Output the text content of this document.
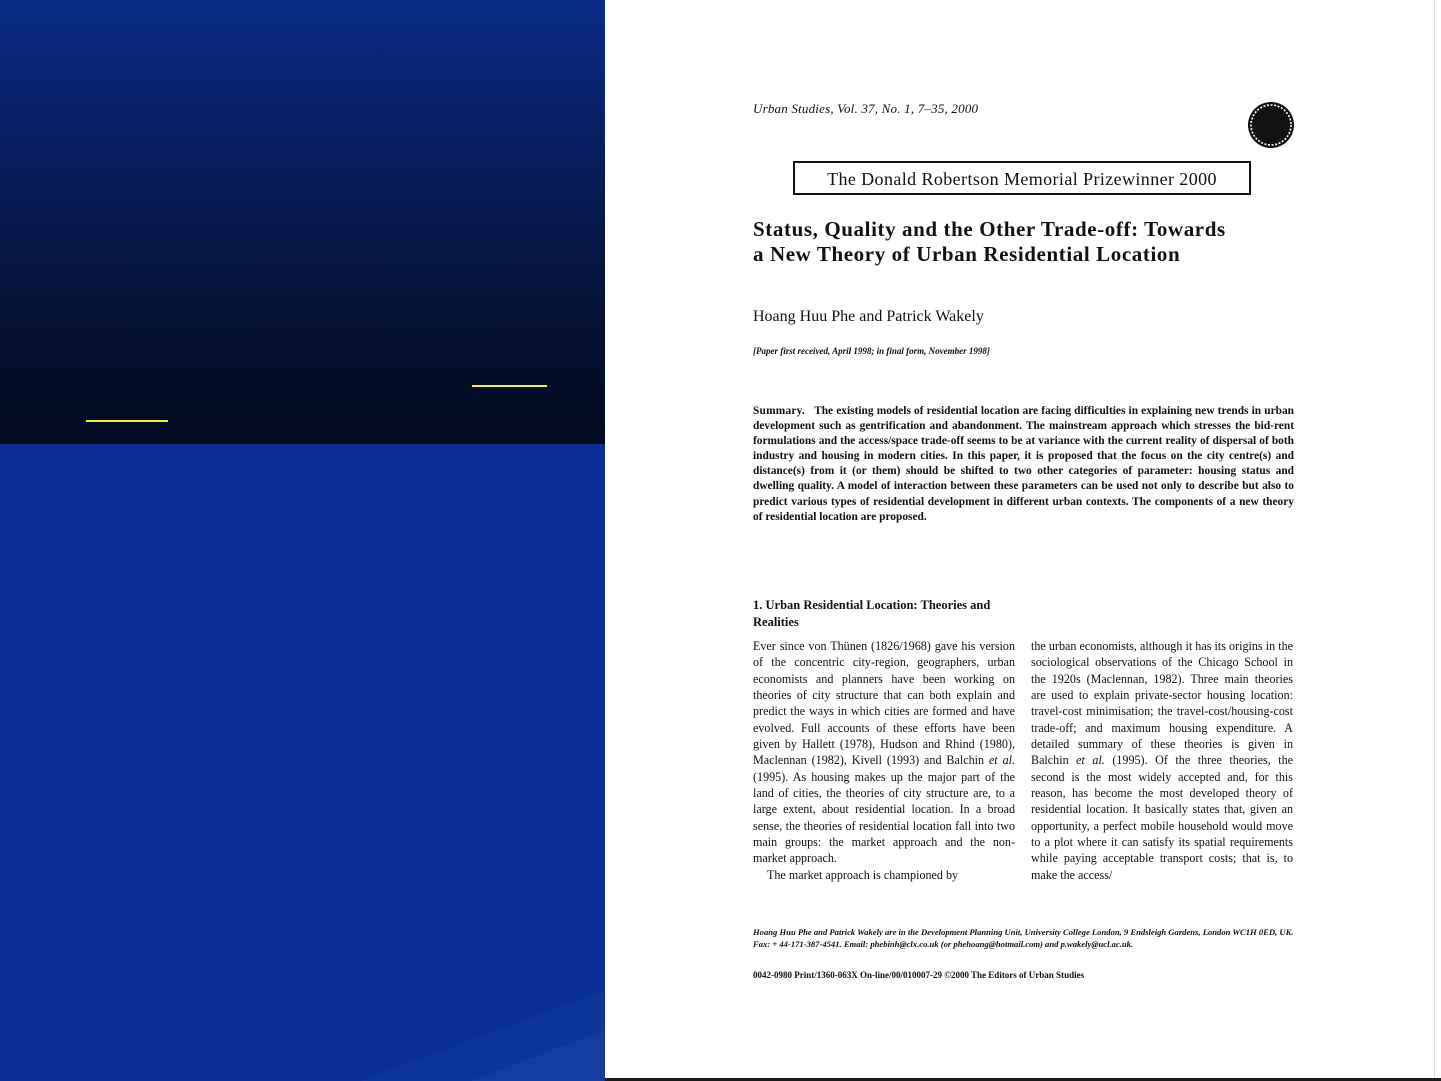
Urban Studies, Vol. 37, No. 1, 7–35, 2000
The Donald Robertson Memorial Prizewinner 2000
Status, Quality and the Other Trade-off: Towards
a New Theory of Urban Residential Location
Hoang Huu Phe and Patrick Wakely
[Paper first received, April 1998; in final form, November 1998]
Summary. The existing models of residential location are facing difficulties in explaining new trends in urban development such as gentrification and abandonment. The mainstream approach which stresses the bid-rent formulations and the access/space trade-off seems to be at variance with the current reality of dispersal of both industry and housing in modern cities. In this paper, it is proposed that the focus on the city centre(s) and distance(s) from it (or them) should be shifted to two other categories of parameter: housing status and dwelling quality. A model of interaction between these parameters can be used not only to describe but also to predict various types of residential development in different urban contexts. The components of a new theory of residential location are proposed.
1. Urban Residential Location: Theories and Realities

Ever since von Thünen (1826/1968) gave his version of the concentric city-region, geographers, urban economists and planners have been working on theories of city structure that can both explain and predict the ways in which cities are formed and have evolved. Full accounts of these efforts have been given by Hallett (1978), Hudson and Rhind (1980), Maclennan (1982), Kivell (1993) and Balchin et al. (1995). As housing makes up the major part of the land of cities, the theories of city structure are, to a large extent, about residential location. In a broad sense, the theories of residential location fall into two main groups: the market approach and the non-market approach.

The market approach is championed by

the urban economists, although it has its origins in the sociological observations of the Chicago School in the 1920s (Maclennan, 1982). Three main theories are used to explain private-sector housing location: travel-cost minimisation; the travel-cost/housing-cost trade-off; and maximum housing expenditure. A detailed summary of these theories is given in Balchin et al. (1995). Of the three theories, the second is the most widely accepted and, for this reason, has become the most developed theory of residential location. It basically states that, given an opportunity, a perfect mobile household would move to a plot where it can satisfy its spatial requirements while paying acceptable transport costs; that is, to make the access/

Hoang Huu Phe and Patrick Wakely are in the Development Planning Unit, University College London, 9 Endsleigh Gardens, London WC1H 0ED, UK. Fax: + 44-171-387-4541. Email: phebinh@clx.co.uk (or phehoang@hotmail.com) and p.wakely@ucl.ac.uk.
0042-0980 Print/1360-063X On-line/00/010007-29 ©2000 The Editors of Urban Studies
